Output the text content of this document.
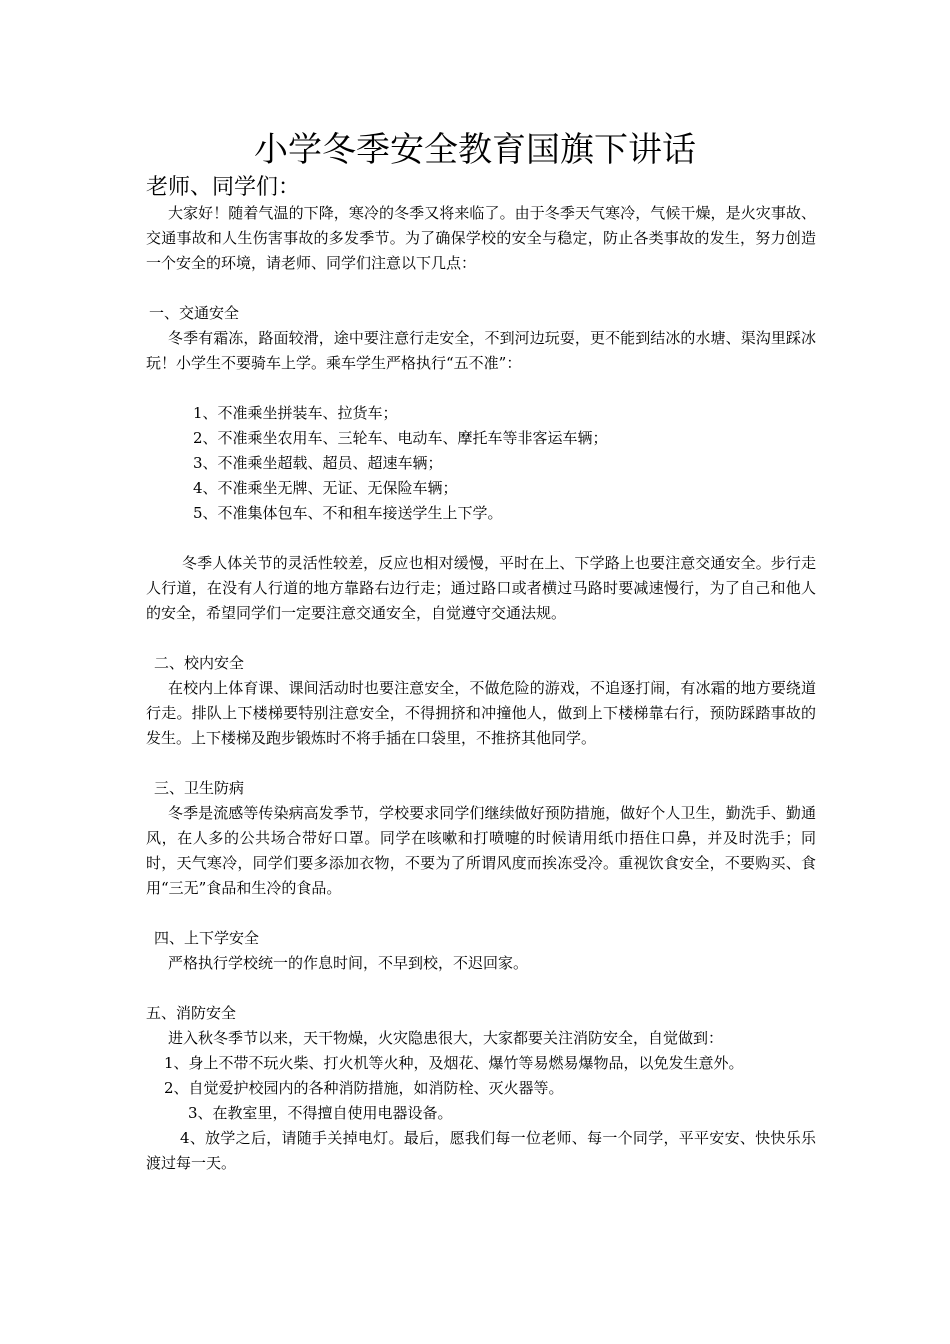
小学冬季安全教育国旗下讲话
老师、同学们：

大家好！随着气温的下降，寒冷的冬季又将来临了。由于冬季天气寒冷，气候干燥，是火灾事故、交通事故和人生伤害事故的多发季节。为了确保学校的安全与稳定，防止各类事故的发生，努力创造一个安全的环境，请老师、同学们注意以下几点：

一、交通安全

冬季有霜冻，路面较滑，途中要注意行走安全，不到河边玩耍，更不能到结冰的水塘、渠沟里踩冰玩！小学生不要骑车上学。乘车学生严格执行“五不准”：

1、不准乘坐拼装车、拉货车；

2、不准乘坐农用车、三轮车、电动车、摩托车等非客运车辆；

3、不准乘坐超载、超员、超速车辆；

4、不准乘坐无牌、无证、无保险车辆；

5、不准集体包车、不和租车接送学生上下学。

冬季人体关节的灵活性较差，反应也相对缓慢，平时在上、下学路上也要注意交通安全。步行走人行道，在没有人行道的地方靠路右边行走；通过路口或者横过马路时要减速慢行，为了自己和他人的安全，希望同学们一定要注意交通安全，自觉遵守交通法规。

二、校内安全

在校内上体育课、课间活动时也要注意安全，不做危险的游戏，不追逐打闹，有冰霜的地方要绕道行走。排队上下楼梯要特别注意安全，不得拥挤和冲撞他人，做到上下楼梯靠右行，预防踩踏事故的发生。上下楼梯及跑步锻炼时不将手插在口袋里，不推挤其他同学。

三、卫生防病

冬季是流感等传染病高发季节，学校要求同学们继续做好预防措施，做好个人卫生，勤洗手、勤通风，在人多的公共场合带好口罩。同学在咳嗽和打喷嚏的时候请用纸巾捂住口鼻，并及时洗手；同时，天气寒冷，同学们要多添加衣物，不要为了所谓风度而挨冻受冷。重视饮食安全，不要购买、食用“三无”食品和生冷的食品。

四、上下学安全

严格执行学校统一的作息时间，不早到校，不迟回家。

五、消防安全

进入秋冬季节以来，天干物燥，火灾隐患很大，大家都要关注消防安全，自觉做到：

1、身上不带不玩火柴、打火机等火种，及烟花、爆竹等易燃易爆物品，以免发生意外。

2、自觉爱护校园内的各种消防措施，如消防栓、灭火器等。

3、在教室里，不得擅自使用电器设备。

4、放学之后，请随手关掉电灯。最后，愿我们每一位老师、每一个同学，平平安安、快快乐乐渡过每一天。
